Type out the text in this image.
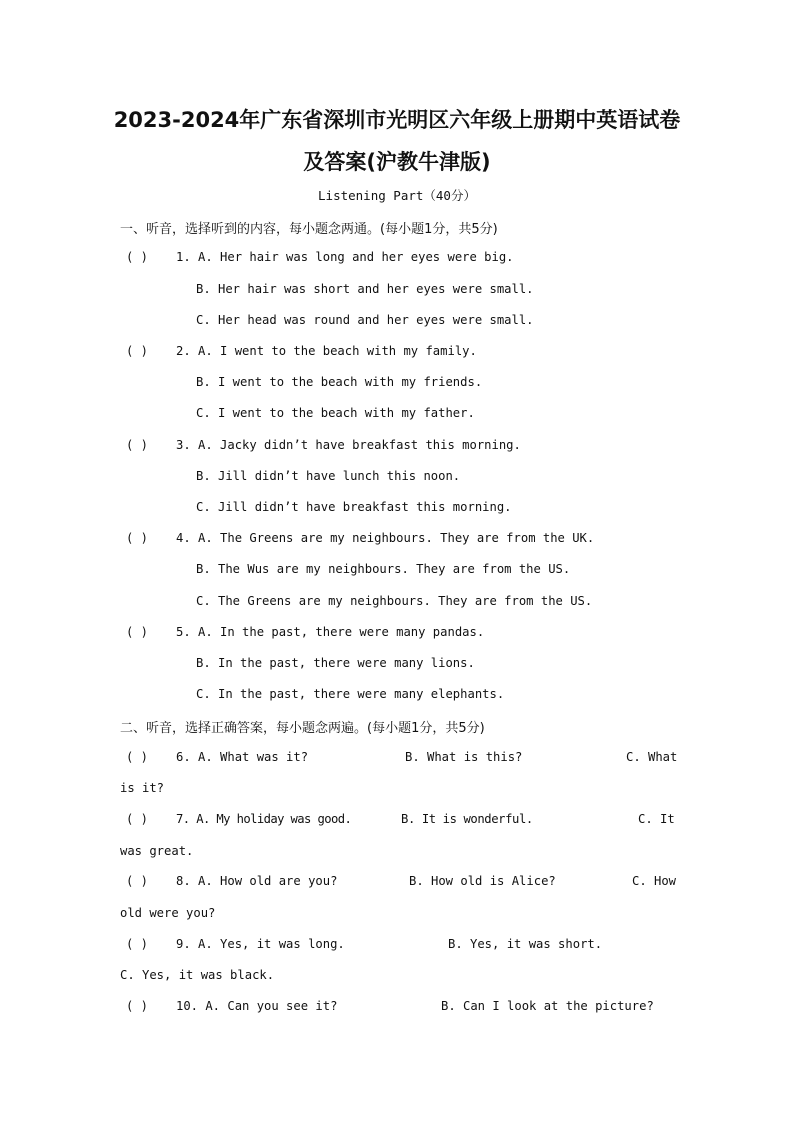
2023-2024年广东省深圳市光明区六年级上册期中英语试卷
及答案(沪教牛津版)
Listening Part（40分）
一、听音，选择听到的内容，每小题念两通。(每小题1分，共5分)
( ) 1. A. Her hair was long and her eyes were big.
B. Her hair was short and her eyes were small.
C. Her head was round and her eyes were small.
( ) 2. A. I went to the beach with my family.
B. I went to the beach with my friends.
C. I went to the beach with my father.
( ) 3. A. Jacky didn’t have breakfast this morning.
B. Jill didn’t have lunch this noon.
C. Jill didn’t have breakfast this morning.
( ) 4. A. The Greens are my neighbours. They are from the UK.
B. The Wus are my neighbours. They are from the US.
C. The Greens are my neighbours. They are from the US.
( ) 5. A. In the past, there were many pandas.
B. In the past, there were many lions.
C. In the past, there were many elephants.
二、听音，选择正确答案，每小题念两遍。(每小题1分，共5分)
( ) 6. A. What was it?	B. What is this?	C. What
is it?
( ) 7. A. My holiday was good.	B. It is wonderful.	C. It
was great.
( ) 8. A. How old are you?	B. How old is Alice?	C. How
old were you?
( ) 9. A. Yes, it was long.	B. Yes, it was short.
C. Yes, it was black.
( ) 10. A. Can you see it?	B. Can I look at the picture?
